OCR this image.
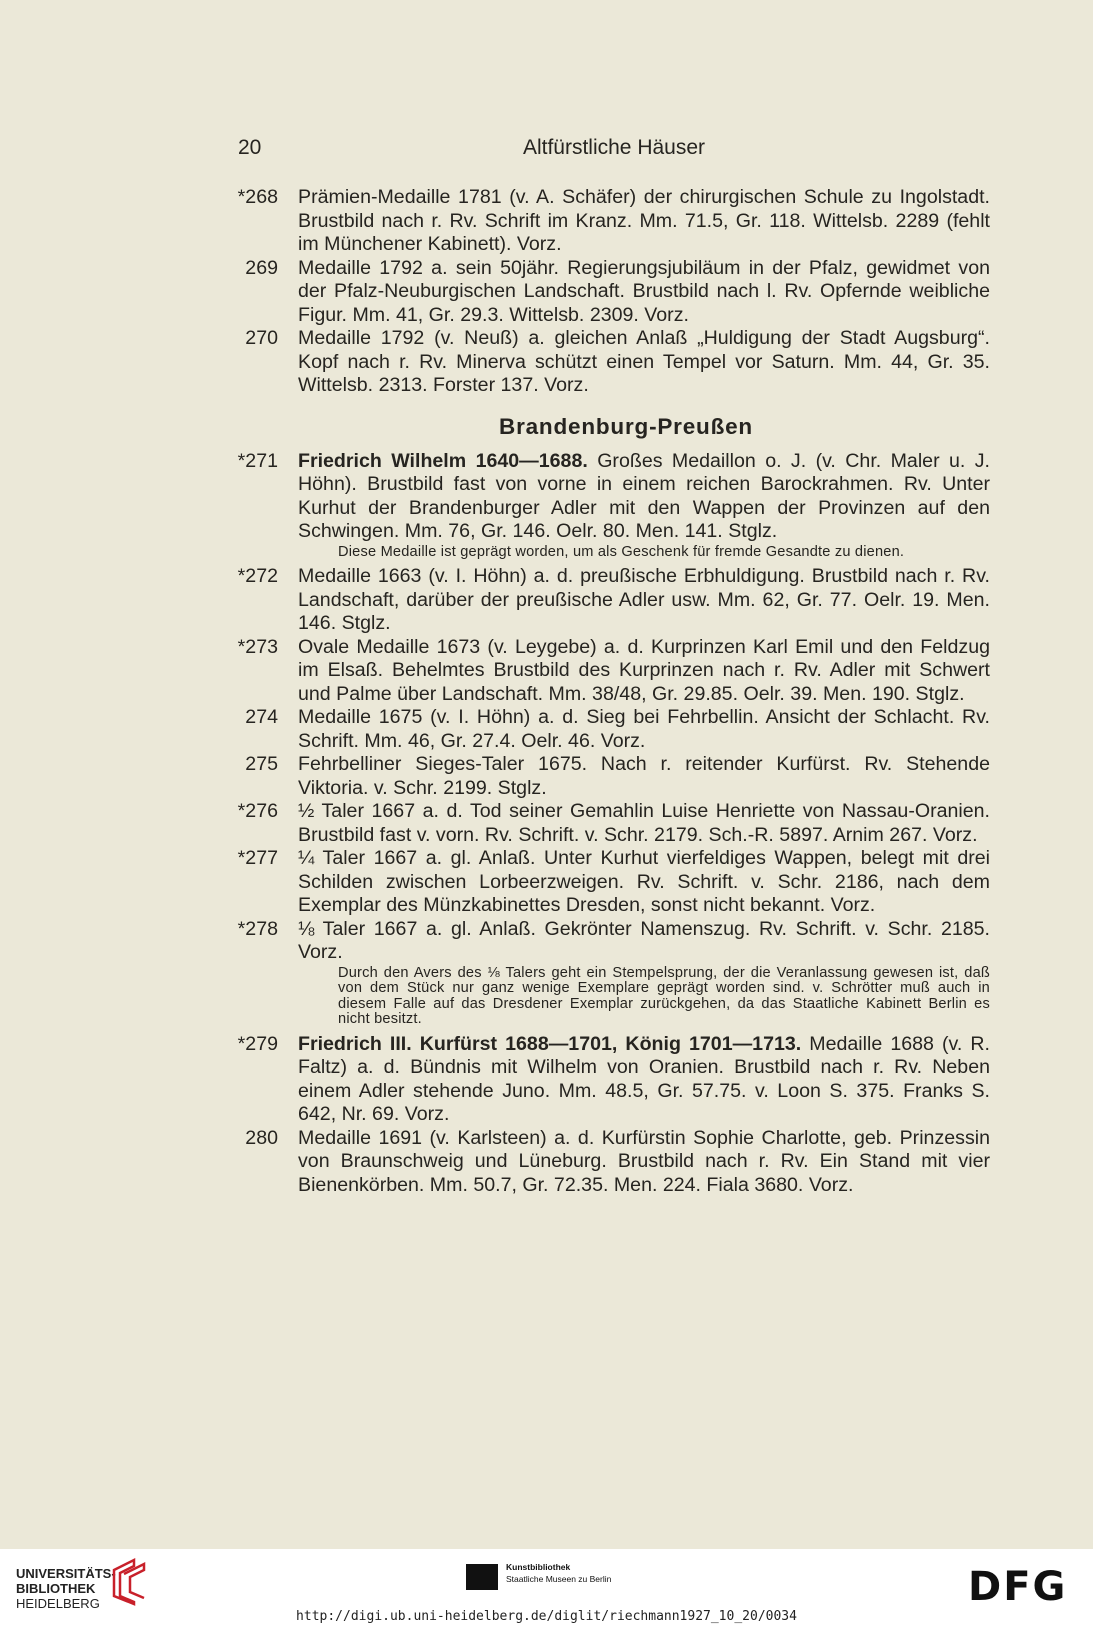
20	Altfürstliche Häuser
*268 Prämien-Medaille 1781 (v. A. Schäfer) der chirurgischen Schule zu Ingolstadt. Brustbild nach r. Rv. Schrift im Kranz. Mm. 71.5, Gr. 118. Wittelsb. 2289 (fehlt im Münchener Kabinett). Vorz.
269 Medaille 1792 a. sein 50jähr. Regierungsjubiläum in der Pfalz, gewidmet von der Pfalz-Neuburgischen Landschaft. Brustbild nach l. Rv. Opfernde weibliche Figur. Mm. 41, Gr. 29.3. Wittelsb. 2309. Vorz.
270 Medaille 1792 (v. Neuß) a. gleichen Anlaß „Huldigung der Stadt Augsburg“. Kopf nach r. Rv. Minerva schützt einen Tempel vor Saturn. Mm. 44, Gr. 35. Wittelsb. 2313. Forster 137. Vorz.
Brandenburg-Preußen
*271 Friedrich Wilhelm 1640—1688. Großes Medaillon o. J. (v. Chr. Maler u. J. Höhn). Brustbild fast von vorne in einem reichen Barockrahmen. Rv. Unter Kurhut der Brandenburger Adler mit den Wappen der Provinzen auf den Schwingen. Mm. 76, Gr. 146. Oelr. 80. Men. 141. Stglz.
Diese Medaille ist geprägt worden, um als Geschenk für fremde Gesandte zu dienen.
*272 Medaille 1663 (v. I. Höhn) a. d. preußische Erbhuldigung. Brustbild nach r. Rv. Landschaft, darüber der preußische Adler usw. Mm. 62, Gr. 77. Oelr. 19. Men. 146. Stglz.
*273 Ovale Medaille 1673 (v. Leygebe) a. d. Kurprinzen Karl Emil und den Feldzug im Elsaß. Behelmtes Brustbild des Kurprinzen nach r. Rv. Adler mit Schwert und Palme über Landschaft. Mm. 38/48, Gr. 29.85. Oelr. 39. Men. 190. Stglz.
274 Medaille 1675 (v. I. Höhn) a. d. Sieg bei Fehrbellin. Ansicht der Schlacht. Rv. Schrift. Mm. 46, Gr. 27.4. Oelr. 46. Vorz.
275 Fehrbelliner Sieges-Taler 1675. Nach r. reitender Kurfürst. Rv. Stehende Viktoria. v. Schr. 2199. Stglz.
*276 ½ Taler 1667 a. d. Tod seiner Gemahlin Luise Henriette von Nassau-Oranien. Brustbild fast v. vorn. Rv. Schrift. v. Schr. 2179. Sch.-R. 5897. Arnim 267. Vorz.
*277 ¼ Taler 1667 a. gl. Anlaß. Unter Kurhut vierfeldiges Wappen, belegt mit drei Schilden zwischen Lorbeerzweigen. Rv. Schrift. v. Schr. 2186, nach dem Exemplar des Münzkabinettes Dresden, sonst nicht bekannt. Vorz.
*278 ⅛ Taler 1667 a. gl. Anlaß. Gekrönter Namenszug. Rv. Schrift. v. Schr. 2185. Vorz.
Durch den Avers des ⅛ Talers geht ein Stempelsprung, der die Veranlassung gewesen ist, daß von dem Stück nur ganz wenige Exemplare geprägt worden sind. v. Schrötter muß auch in diesem Falle auf das Dresdener Exemplar zurückgehen, da das Staatliche Kabinett Berlin es nicht besitzt.
*279 Friedrich III. Kurfürst 1688—1701, König 1701—1713. Medaille 1688 (v. R. Faltz) a. d. Bündnis mit Wilhelm von Oranien. Brustbild nach r. Rv. Neben einem Adler stehende Juno. Mm. 48.5, Gr. 57.75. v. Loon S. 375. Franks S. 642, Nr. 69. Vorz.
280 Medaille 1691 (v. Karlsteen) a. d. Kurfürstin Sophie Charlotte, geb. Prinzessin von Braunschweig und Lüneburg. Brustbild nach r. Rv. Ein Stand mit vier Bienenkörben. Mm. 50.7, Gr. 72.35. Men. 224. Fiala 3680. Vorz.
UNIVERSITÄTS-
BIBLIOTHEK
HEIDELBERG
Kunstbibliothek
Staatliche Museen zu Berlin	DFG
http://digi.ub.uni-heidelberg.de/diglit/riechmann1927_10_20/0034
